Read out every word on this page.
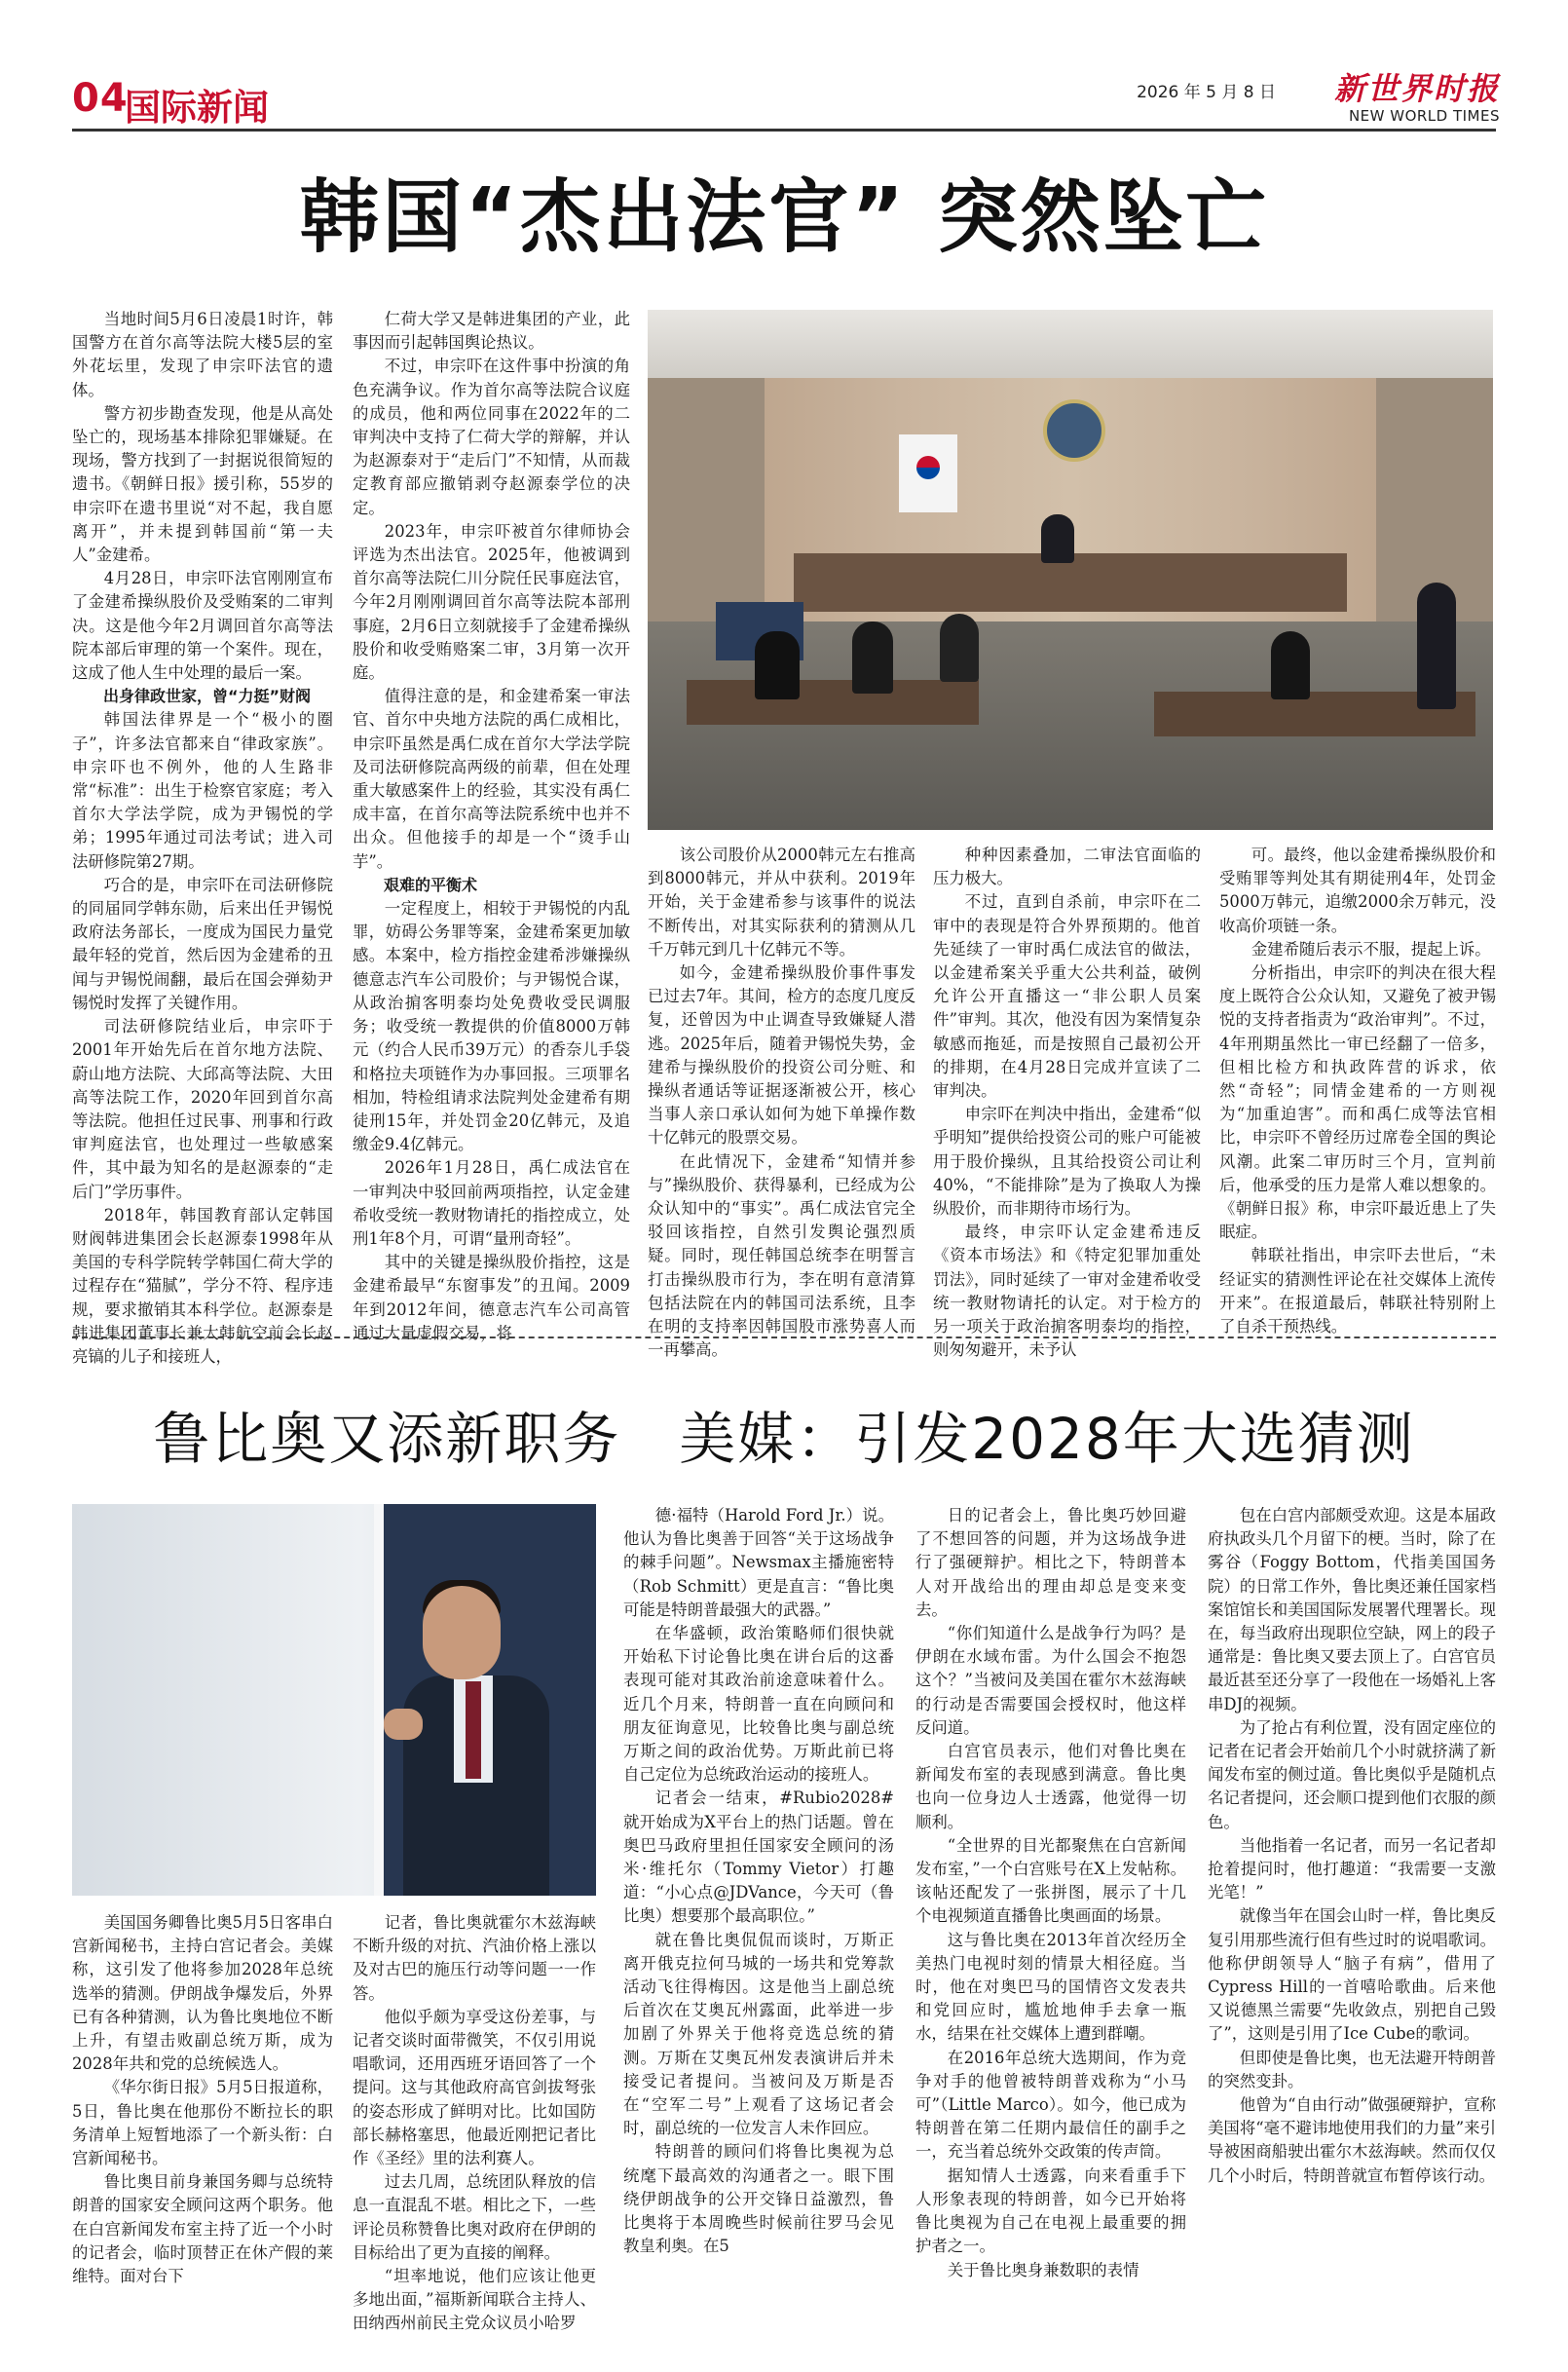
04
国际新闻	2026 年 5 月 8 日 新世界时报
NEW WORLD TIMES
韩国“杰出法官” 突然坠亡

当地时间5月6日凌晨1时许，韩国警方在首尔高等法院大楼5层的室外花坛里，发现了申宗吓法官的遗体。

警方初步勘查发现，他是从高处坠亡的，现场基本排除犯罪嫌疑。在现场，警方找到了一封据说很简短的遗书。《朝鲜日报》援引称，55岁的申宗吓在遗书里说“对不起，我自愿离开”，并未提到韩国前“第一夫人”金建希。

4月28日，申宗吓法官刚刚宣布了金建希操纵股价及受贿案的二审判决。这是他今年2月调回首尔高等法院本部后审理的第一个案件。现在，这成了他人生中处理的最后一案。

出身律政世家，曾“力挺”财阀

韩国法律界是一个“极小的圈子”，许多法官都来自“律政家族”。申宗吓也不例外，他的人生路非常“标准”：出生于检察官家庭；考入首尔大学法学院，成为尹锡悦的学弟；1995年通过司法考试；进入司法研修院第27期。

巧合的是，申宗吓在司法研修院的同届同学韩东勋，后来出任尹锡悦政府法务部长，一度成为国民力量党最年轻的党首，然后因为金建希的丑闻与尹锡悦闹翻，最后在国会弹劾尹锡悦时发挥了关键作用。

司法研修院结业后，申宗吓于2001年开始先后在首尔地方法院、蔚山地方法院、大邱高等法院、大田高等法院工作，2020年回到首尔高等法院。他担任过民事、刑事和行政审判庭法官，也处理过一些敏感案件，其中最为知名的是赵源泰的“走后门”学历事件。

2018年，韩国教育部认定韩国财阀韩进集团会长赵源泰1998年从美国的专科学院转学韩国仁荷大学的过程存在“猫腻”，学分不符、程序违规，要求撤销其本科学位。赵源泰是韩进集团董事长兼大韩航空前会长赵亮镐的儿子和接班人，

仁荷大学又是韩进集团的产业，此事因而引起韩国舆论热议。

不过，申宗吓在这件事中扮演的角色充满争议。作为首尔高等法院合议庭的成员，他和两位同事在2022年的二审判决中支持了仁荷大学的辩解，并认为赵源泰对于“走后门”不知情，从而裁定教育部应撤销剥夺赵源泰学位的决定。

2023年，申宗吓被首尔律师协会评选为杰出法官。2025年，他被调到首尔高等法院仁川分院任民事庭法官，今年2月刚刚调回首尔高等法院本部刑事庭，2月6日立刻就接手了金建希操纵股价和收受贿赂案二审，3月第一次开庭。

值得注意的是，和金建希案一审法官、首尔中央地方法院的禹仁成相比，申宗吓虽然是禹仁成在首尔大学法学院及司法研修院高两级的前辈，但在处理重大敏感案件上的经验，其实没有禹仁成丰富，在首尔高等法院系统中也并不出众。但他接手的却是一个“烫手山芋”。

艰难的平衡术

一定程度上，相较于尹锡悦的内乱罪，妨碍公务罪等案，金建希案更加敏感。本案中，检方指控金建希涉嫌操纵德意志汽车公司股价；与尹锡悦合谋，从政治掮客明泰均处免费收受民调服务；收受统一教提供的价值8000万韩元（约合人民币39万元）的香奈儿手袋和格拉夫项链作为办事回报。三项罪名相加，特检组请求法院判处金建希有期徒刑15年，并处罚金20亿韩元，及追缴金9.4亿韩元。

2026年1月28日，禹仁成法官在一审判决中驳回前两项指控，认定金建希收受统一教财物请托的指控成立，处刑1年8个月，可谓“量刑奇轻”。

其中的关键是操纵股价指控，这是金建希最早“东窗事发”的丑闻。2009年到2012年间，德意志汽车公司高管通过大量虚假交易，将

该公司股价从2000韩元左右推高到8000韩元，并从中获利。2019年开始，关于金建希参与该事件的说法不断传出，对其实际获利的猜测从几千万韩元到几十亿韩元不等。

如今，金建希操纵股价事件事发已过去7年。其间，检方的态度几度反复，还曾因为中止调查导致嫌疑人潜逃。2025年后，随着尹锡悦失势，金建希与操纵股价的投资公司分赃、和操纵者通话等证据逐渐被公开，核心当事人亲口承认如何为她下单操作数十亿韩元的股票交易。

在此情况下，金建希“知情并参与”操纵股价、获得暴利，已经成为公众认知中的“事实”。禹仁成法官完全驳回该指控，自然引发舆论强烈质疑。同时，现任韩国总统李在明誓言打击操纵股市行为，李在明有意清算包括法院在内的韩国司法系统，且李在明的支持率因韩国股市涨势喜人而一再攀高。

种种因素叠加，二审法官面临的压力极大。

不过，直到自杀前，申宗吓在二审中的表现是符合外界预期的。他首先延续了一审时禹仁成法官的做法，以金建希案关乎重大公共利益，破例允许公开直播这一“非公职人员案件”审判。其次，他没有因为案情复杂敏感而拖延，而是按照自己最初公开的排期，在4月28日完成并宣读了二审判决。

申宗吓在判决中指出，金建希“似乎明知”提供给投资公司的账户可能被用于股价操纵，且其给投资公司让利40%，“不能排除”是为了换取人为操纵股价，而非期待市场行为。

最终，申宗吓认定金建希违反《资本市场法》和《特定犯罪加重处罚法》，同时延续了一审对金建希收受统一教财物请托的认定。对于检方的另一项关于政治掮客明泰均的指控，则匆匆避开，未予认

可。最终，他以金建希操纵股价和受贿罪等判处其有期徒刑4年，处罚金5000万韩元，追缴2000余万韩元，没收高价项链一条。

金建希随后表示不服，提起上诉。

分析指出，申宗吓的判决在很大程度上既符合公众认知，又避免了被尹锡悦的支持者指责为“政治审判”。不过，4年刑期虽然比一审已经翻了一倍多，但相比检方和执政阵营的诉求，依然“奇轻”；同情金建希的一方则视为“加重迫害”。而和禹仁成等法官相比，申宗吓不曾经历过席卷全国的舆论风潮。此案二审历时三个月，宣判前后，他承受的压力是常人难以想象的。《朝鲜日报》称，申宗吓最近患上了失眠症。

韩联社指出，申宗吓去世后，“未经证实的猜测性评论在社交媒体上流传开来”。在报道最后，韩联社特别附上了自杀干预热线。

鲁比奥又添新职务　美媒：引发2028年大选猜测

美国国务卿鲁比奥5月5日客串白宫新闻秘书，主持白宫记者会。美媒称，这引发了他将参加2028年总统选举的猜测。伊朗战争爆发后，外界已有各种猜测，认为鲁比奥地位不断上升，有望击败副总统万斯，成为2028年共和党的总统候选人。

《华尔街日报》5月5日报道称，5日，鲁比奥在他那份不断拉长的职务清单上短暂地添了一个新头衔：白宫新闻秘书。

鲁比奥目前身兼国务卿与总统特朗普的国家安全顾问这两个职务。他在白宫新闻发布室主持了近一个小时的记者会，临时顶替正在休产假的莱维特。面对台下

记者，鲁比奥就霍尔木兹海峡不断升级的对抗、汽油价格上涨以及对古巴的施压行动等问题一一作答。

他似乎颇为享受这份差事，与记者交谈时面带微笑，不仅引用说唱歌词，还用西班牙语回答了一个提问。这与其他政府高官剑拔弩张的姿态形成了鲜明对比。比如国防部长赫格塞思，他最近刚把记者比作《圣经》里的法利赛人。

过去几周，总统团队释放的信息一直混乱不堪。相比之下，一些评论员称赞鲁比奥对政府在伊朗的目标给出了更为直接的阐释。

“坦率地说，他们应该让他更多地出面，”福斯新闻联合主持人、田纳西州前民主党众议员小哈罗

德·福特（Harold Ford Jr.）说。他认为鲁比奥善于回答“关于这场战争的棘手问题”。Newsmax主播施密特（Rob Schmitt）更是直言：“鲁比奥可能是特朗普最强大的武器。”

在华盛顿，政治策略师们很快就开始私下讨论鲁比奥在讲台后的这番表现可能对其政治前途意味着什么。近几个月来，特朗普一直在向顾问和朋友征询意见，比较鲁比奥与副总统万斯之间的政治优势。万斯此前已将自己定位为总统政治运动的接班人。

记者会一结束，#Rubio2028#就开始成为X平台上的热门话题。曾在奥巴马政府里担任国家安全顾问的汤米·维托尔（Tommy Vietor）打趣道：“小心点@JDVance，今天可（鲁比奥）想要那个最高职位。”

就在鲁比奥侃侃而谈时，万斯正离开俄克拉何马城的一场共和党筹款活动飞往得梅因。这是他当上副总统后首次在艾奥瓦州露面，此举进一步加剧了外界关于他将竞选总统的猜测。万斯在艾奥瓦州发表演讲后并未接受记者提问。当被问及万斯是否在“空军二号”上观看了这场记者会时，副总统的一位发言人未作回应。

特朗普的顾问们将鲁比奥视为总统麾下最高效的沟通者之一。眼下围绕伊朗战争的公开交锋日益激烈，鲁比奥将于本周晚些时候前往罗马会见教皇利奥。在5

日的记者会上，鲁比奥巧妙回避了不想回答的问题，并为这场战争进行了强硬辩护。相比之下，特朗普本人对开战给出的理由却总是变来变去。

“你们知道什么是战争行为吗？是伊朗在水域布雷。为什么国会不抱怨这个？”当被问及美国在霍尔木兹海峡的行动是否需要国会授权时，他这样反问道。

白宫官员表示，他们对鲁比奥在新闻发布室的表现感到满意。鲁比奥也向一位身边人士透露，他觉得一切顺利。

“全世界的目光都聚焦在白宫新闻发布室，”一个白宫账号在X上发帖称。该帖还配发了一张拼图，展示了十几个电视频道直播鲁比奥画面的场景。

这与鲁比奥在2013年首次经历全美热门电视时刻的情景大相径庭。当时，他在对奥巴马的国情咨文发表共和党回应时，尴尬地伸手去拿一瓶水，结果在社交媒体上遭到群嘲。

在2016年总统大选期间，作为竞争对手的他曾被特朗普戏称为“小马可”（Little Marco）。如今，他已成为特朗普在第二任期内最信任的副手之一，充当着总统外交政策的传声筒。

据知情人士透露，向来看重手下人形象表现的特朗普，如今已开始将鲁比奥视为自己在电视上最重要的拥护者之一。

关于鲁比奥身兼数职的表情

包在白宫内部颇受欢迎。这是本届政府执政头几个月留下的梗。当时，除了在雾谷（Foggy Bottom，代指美国国务院）的日常工作外，鲁比奥还兼任国家档案馆馆长和美国国际发展署代理署长。现在，每当政府出现职位空缺，网上的段子通常是：鲁比奥又要去顶上了。白宫官员最近甚至还分享了一段他在一场婚礼上客串DJ的视频。

为了抢占有利位置，没有固定座位的记者在记者会开始前几个小时就挤满了新闻发布室的侧过道。鲁比奥似乎是随机点名记者提问，还会顺口提到他们衣服的颜色。

当他指着一名记者，而另一名记者却抢着提问时，他打趣道：“我需要一支激光笔！”

就像当年在国会山时一样，鲁比奥反复引用那些流行但有些过时的说唱歌词。他称伊朗领导人“脑子有病”，借用了Cypress Hill的一首嘻哈歌曲。后来他又说德黑兰需要“先收敛点，别把自己毁了”，这则是引用了Ice Cube的歌词。

但即使是鲁比奥，也无法避开特朗普的突然变卦。

他曾为“自由行动”做强硬辩护，宣称美国将“毫不避讳地使用我们的力量”来引导被困商船驶出霍尔木兹海峡。然而仅仅几个小时后，特朗普就宣布暂停该行动。
